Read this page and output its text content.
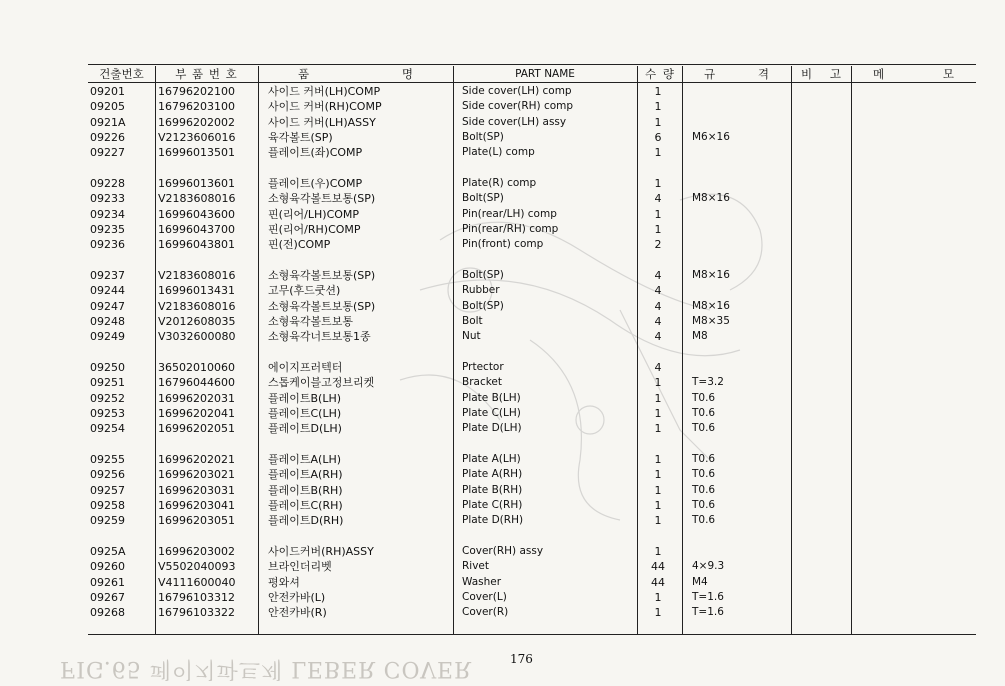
건출번호	부 품 번 호	품	명	PART NAME	수 량	규	격	비 고	메	모
09201	16796202100	사이드 커버(LH)COMP	Side cover(LH) comp	1
09205	16796203100	사이드 커버(RH)COMP	Side cover(RH) comp	1
0921A	16996202002	사이드 커버(LH)ASSY	Side cover(LH) assy	1
09226	V2123606016	육각볼트(SP)	Bolt(SP)	6	M6×16
09227	16996013501	플레이트(좌)COMP	Plate(L) comp	1
09228	16996013601	플레이트(우)COMP	Plate(R) comp	1
09233	V2183608016	소형육각볼트보통(SP)	Bolt(SP)	4	M8×16
09234	16996043600	핀(리어/LH)COMP	Pin(rear/LH) comp	1
09235	16996043700	핀(리어/RH)COMP	Pin(rear/RH) comp	1
09236	16996043801	핀(전)COMP	Pin(front) comp	2
09237	V2183608016	소형육각볼트보통(SP)	Bolt(SP)	4	M8×16
09244	16996013431	고무(후드쿳션)	Rubber	4
09247	V2183608016	소형육각볼트보통(SP)	Bolt(SP)	4	M8×16
09248	V2012608035	소형육각볼트보통	Bolt	4	M8×35
09249	V3032600080	소형육각너트보통1종	Nut	4	M8
09250	36502010060	에이지프러텍터	Prtector	4
09251	16796044600	스톱케이블고정브리켓	Bracket	1	T=3.2
09252	16996202031	플레이트B(LH)	Plate B(LH)	1	T0.6
09253	16996202041	플레이트C(LH)	Plate C(LH)	1	T0.6
09254	16996202051	플레이트D(LH)	Plate D(LH)	1	T0.6
09255	16996202021	플레이트A(LH)	Plate A(LH)	1	T0.6
09256	16996203021	플레이트A(RH)	Plate A(RH)	1	T0.6
09257	16996203031	플레이트B(RH)	Plate B(RH)	1	T0.6
09258	16996203041	플레이트C(RH)	Plate C(RH)	1	T0.6
09259	16996203051	플레이트D(RH)	Plate D(RH)	1	T0.6
0925A	16996203002	사이드커버(RH)ASSY	Cover(RH) assy	1
09260	V5502040093	브라인더리벳	Rivet	44	4×9.3
09261	V4111600040	평와셔	Washer	44	M4
09267	16796103312	안전카바(L)	Cover(L)	1	T=1.6
09268	16796103322	안전카바(R)	Cover(R)	1	T=1.6
FIG.65 페이지파트제 LEBER COVER	176
